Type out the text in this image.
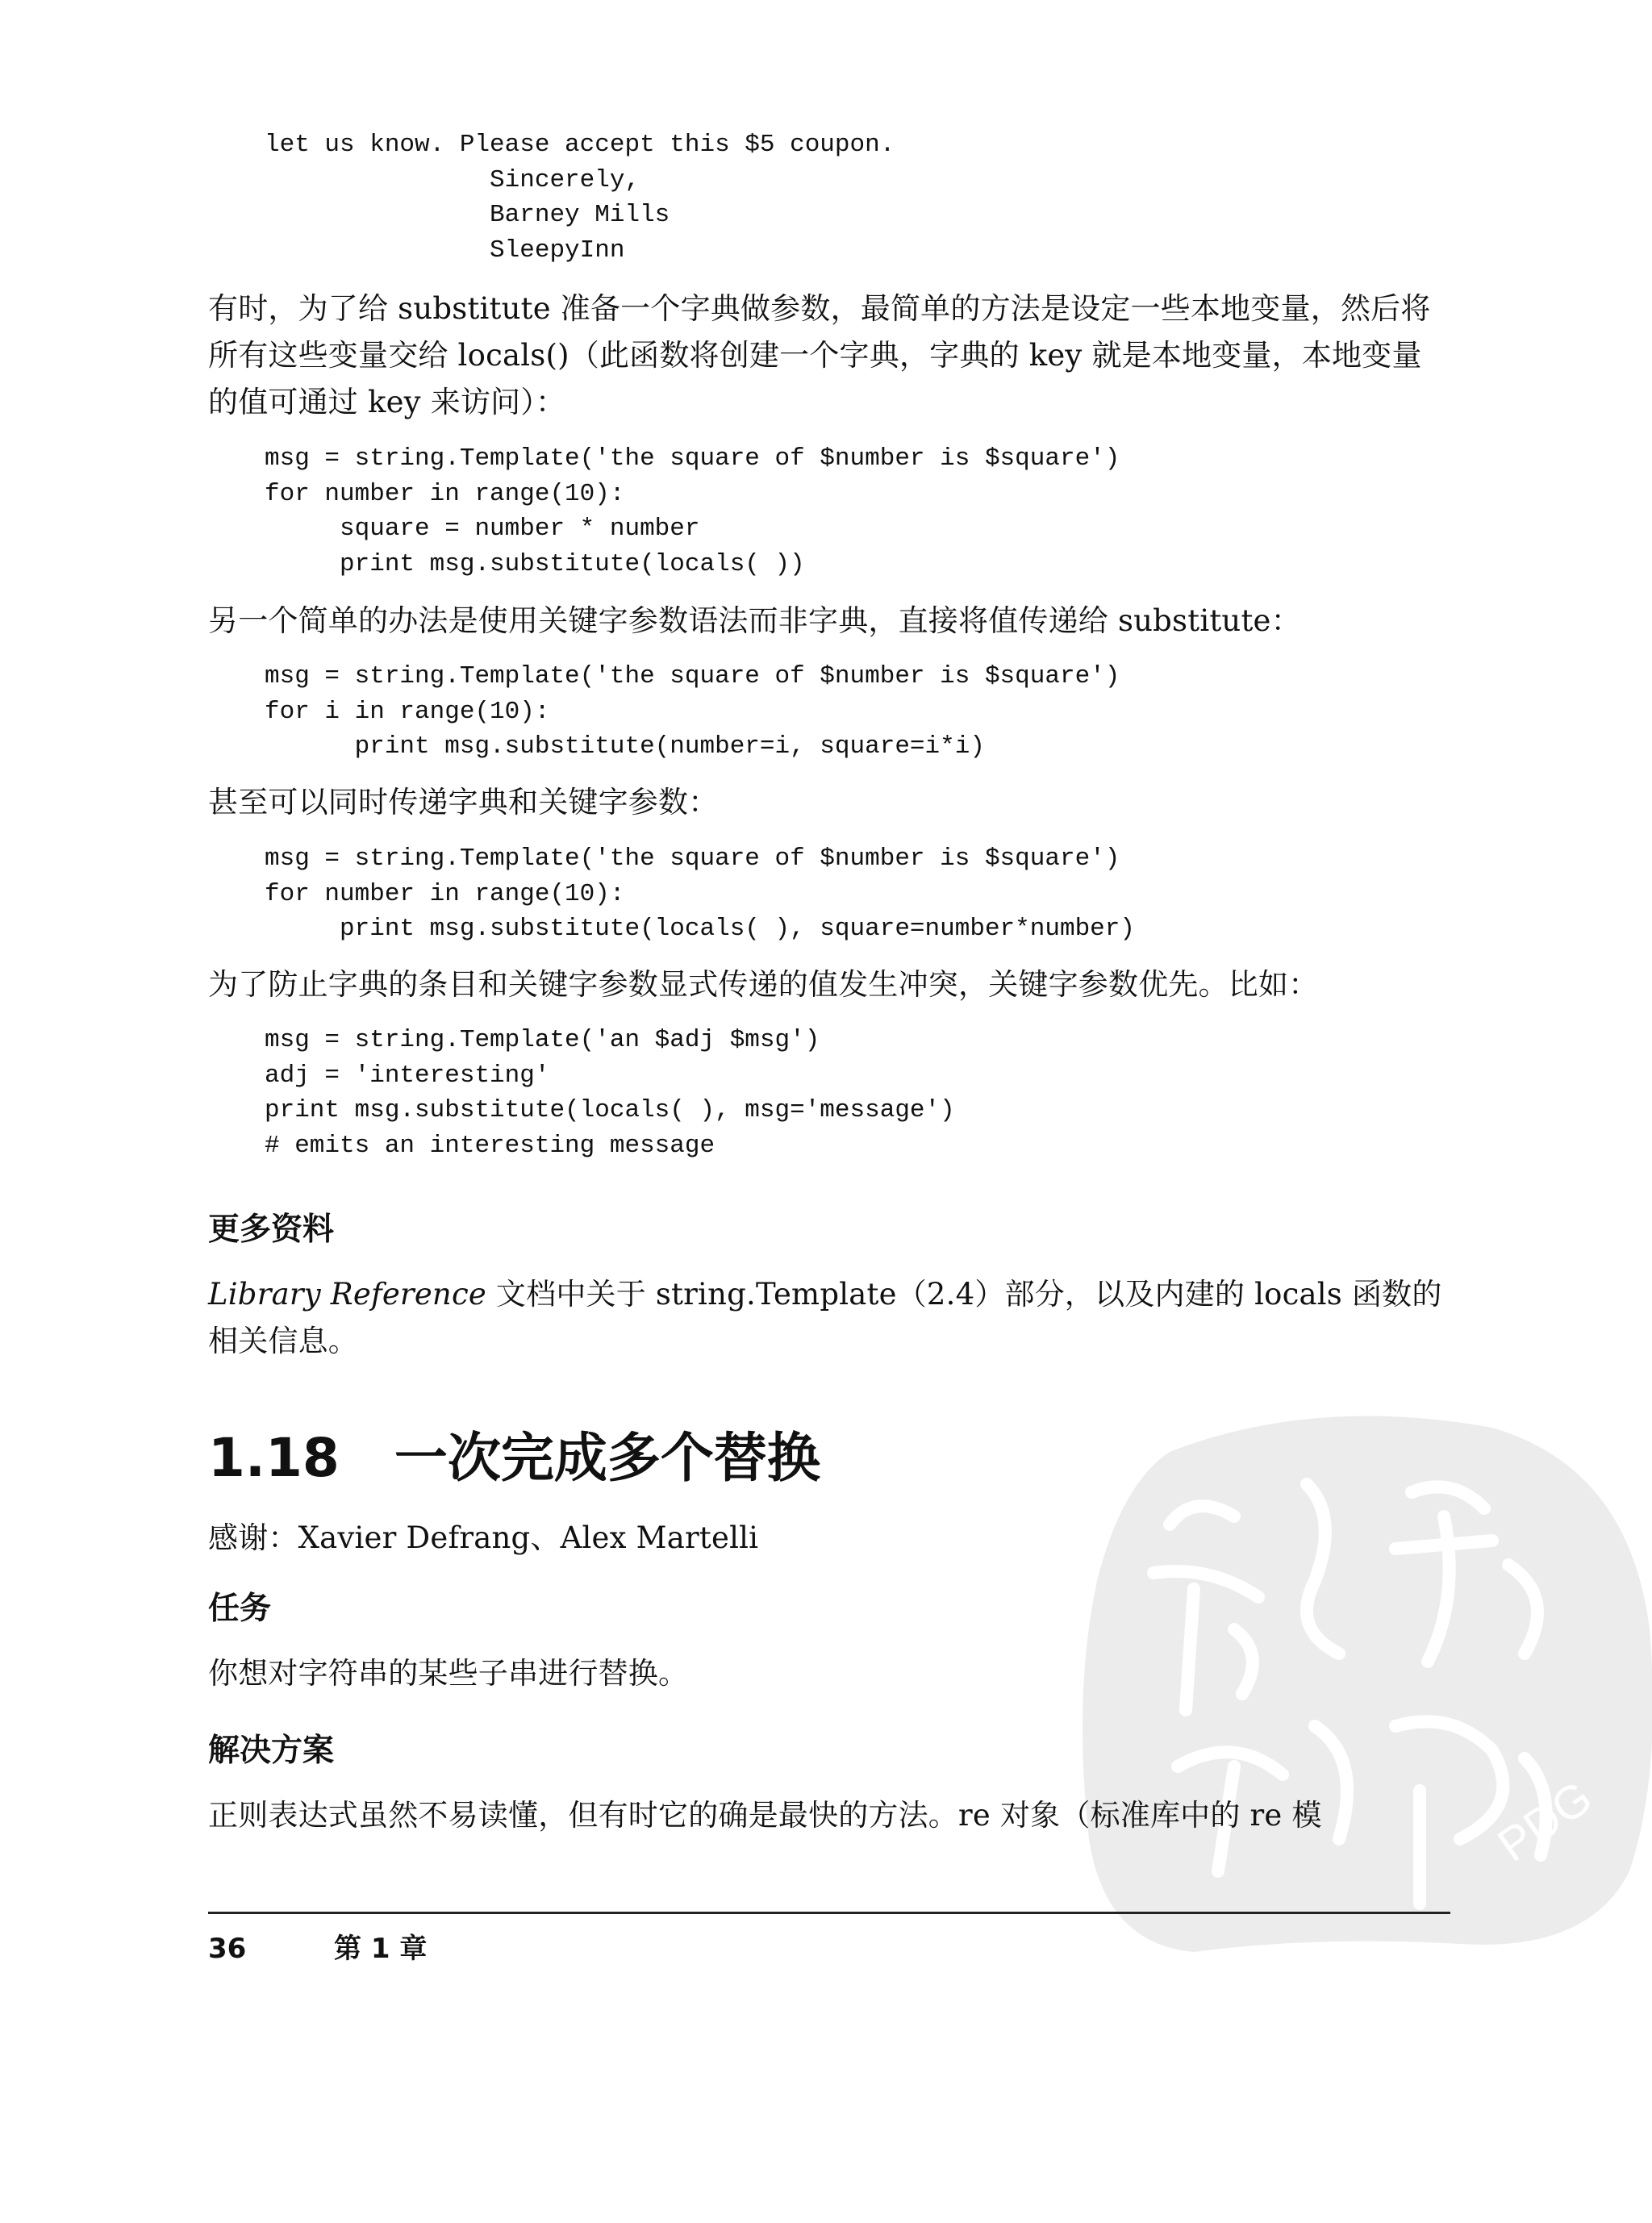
PDG
let us know. Please accept this $5 coupon.
Sincerely,
Barney Mills
SleepyInn

有时，为了给 substitute 准备一个字典做参数，最简单的方法是设定一些本地变量，然后将所有这些变量交给 locals()（此函数将创建一个字典，字典的 key 就是本地变量，本地变量的值可通过 key 来访问）：

msg = string.Template('the square of $number is $square')
for number in range(10):
square = number * number
print msg.substitute(locals( ))

另一个简单的办法是使用关键字参数语法而非字典，直接将值传递给 substitute：

msg = string.Template('the square of $number is $square')
for i in range(10):
print msg.substitute(number=i, square=i*i)

甚至可以同时传递字典和关键字参数：

msg = string.Template('the square of $number is $square')
for number in range(10):
print msg.substitute(locals( ), square=number*number)

为了防止字典的条目和关键字参数显式传递的值发生冲突，关键字参数优先。比如：

msg = string.Template('an $adj $msg')
adj = 'interesting'
print msg.substitute(locals( ), msg='message')
# emits an interesting message
更多资料

Library Reference 文档中关于 string.Template（2.4）部分，以及内建的 locals 函数的相关信息。

1.18 一次完成多个替换

感谢：Xavier Defrang、Alex Martelli

任务

你想对字符串的某些子串进行替换。

解决方案

正则表达式虽然不易读懂，但有时它的确是最快的方法。re 对象（标准库中的 re 模

36	第 1 章
